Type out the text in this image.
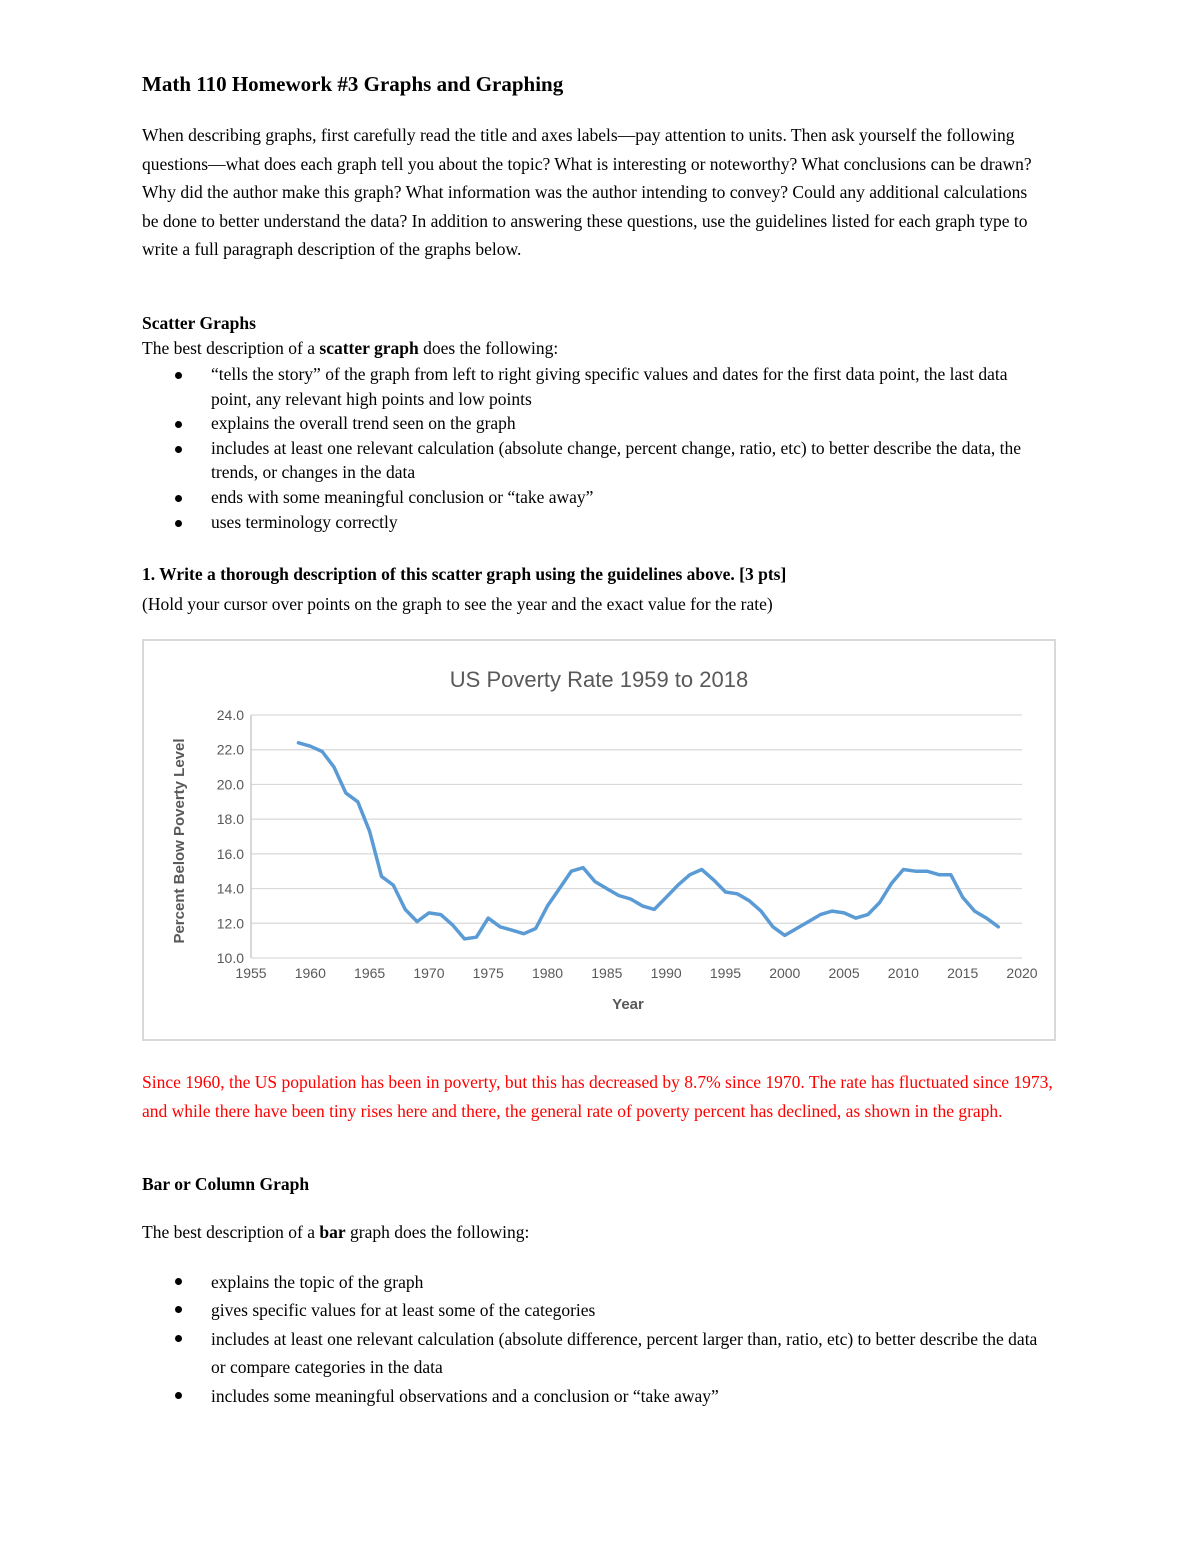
Math 110 Homework #3 Graphs and Graphing

When describing graphs, first carefully read the title and axes labels—pay attention to units. Then ask yourself the following questions—what does each graph tell you about the topic? What is interesting or noteworthy? What conclusions can be drawn? Why did the author make this graph? What information was the author intending to convey? Could any additional calculations be done to better understand the data? In addition to answering these questions, use the guidelines listed for each graph type to write a full paragraph description of the graphs below.

Scatter Graphs

The best description of a scatter graph does the following:

“tells the story” of the graph from left to right giving specific values and dates for the first data point, the last data point, any relevant high points and low points
explains the overall trend seen on the graph
includes at least one relevant calculation (absolute change, percent change, ratio, etc) to better describe the data, the trends, or changes in the data
ends with some meaningful conclusion or “take away”
uses terminology correctly

1. Write a thorough description of this scatter graph using the guidelines above. [3 pts]

(Hold your cursor over points on the graph to see the year and the exact value for the rate)

Since 1960, the US population has been in poverty, but this has decreased by 8.7% since 1970. The rate has fluctuated since 1973, and while there have been tiny rises here and there, the general rate of poverty percent has declined, as shown in the graph.

Bar or Column Graph

The best description of a bar graph does the following:

explains the topic of the graph
gives specific values for at least some of the categories
includes at least one relevant calculation (absolute difference, percent larger than, ratio, etc) to better describe the data or compare categories in the data
includes some meaningful observations and a conclusion or “take away”
US Poverty Rate 1959 to 2018
10.0
12.0
14.0
16.0
18.0
20.0
22.0
24.0
1955 1960 1965 1970 1975 1980 1985 1990 1995 2000 2005 2010 2015 2020
Year
Percent Below Poverty Level
